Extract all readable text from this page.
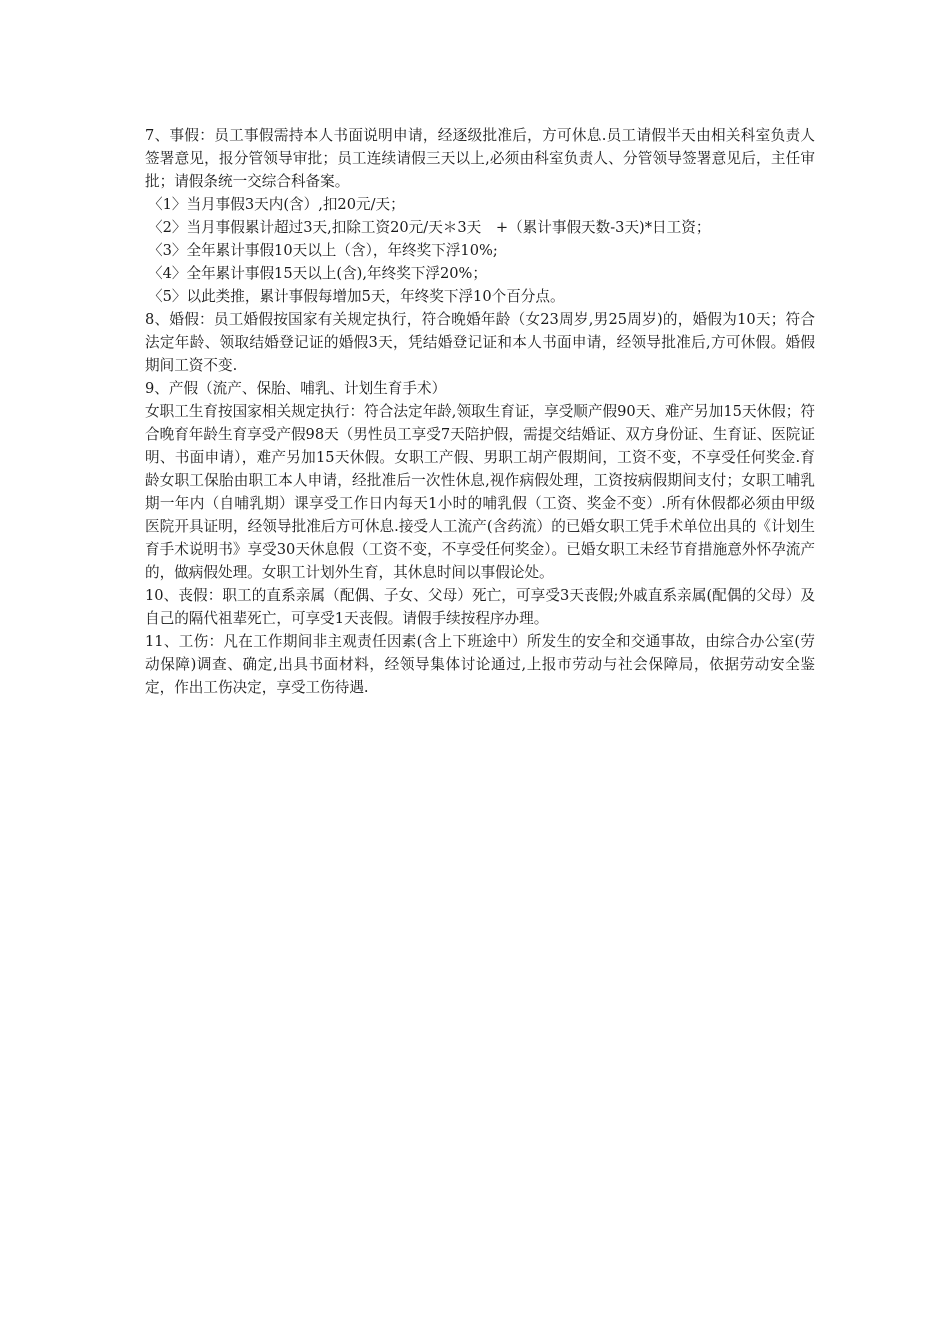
7、事假：员工事假需持本人书面说明申请，经逐级批准后，方可休息.员工请假半天由相关科室负责人签署意见，报分管领导审批；员工连续请假三天以上,必须由科室负责人、分管领导签署意见后，主任审批；请假条统一交综合科备案。

〈1〉当月事假3天内(含）,扣20元/天；

〈2〉当月事假累计超过3天,扣除工资20元/天＊3天　+（累计事假天数-3天)*日工资；

〈3〉全年累计事假10天以上（含），年终奖下浮10%;

〈4〉全年累计事假15天以上(含),年终奖下浮20%；

〈5〉以此类推，累计事假每增加5天，年终奖下浮10个百分点。

8、婚假：员工婚假按国家有关规定执行，符合晚婚年龄（女23周岁,男25周岁)的，婚假为10天；符合法定年龄、领取结婚登记证的婚假3天，凭结婚登记证和本人书面申请，经领导批准后,方可休假。婚假期间工资不变.

9、产假（流产、保胎、哺乳、计划生育手术）

女职工生育按国家相关规定执行：符合法定年龄,领取生育证，享受顺产假90天、难产另加15天休假；符合晚育年龄生育享受产假98天（男性员工享受7天陪护假，需提交结婚证、双方身份证、生育证、医院证明、书面申请），难产另加15天休假。女职工产假、男职工胡产假期间，工资不变，不享受任何奖金.育龄女职工保胎由职工本人申请，经批准后一次性休息,视作病假处理，工资按病假期间支付；女职工哺乳期一年内（自哺乳期）课享受工作日内每天1小时的哺乳假（工资、奖金不变）.所有休假都必须由甲级医院开具证明，经领导批准后方可休息.接受人工流产(含药流）的已婚女职工凭手术单位出具的《计划生育手术说明书》享受30天休息假（工资不变，不享受任何奖金）。已婚女职工未经节育措施意外怀孕流产的，做病假处理。女职工计划外生育，其休息时间以事假论处。

10、丧假：职工的直系亲属（配偶、子女、父母）死亡，可享受3天丧假;外戚直系亲属(配偶的父母）及自己的隔代祖辈死亡，可享受1天丧假。请假手续按程序办理。

11、工伤：凡在工作期间非主观责任因素(含上下班途中）所发生的安全和交通事故，由综合办公室(劳动保障)调查、确定,出具书面材料，经领导集体讨论通过,上报市劳动与社会保障局，依据劳动安全鉴定，作出工伤决定，享受工伤待遇.
